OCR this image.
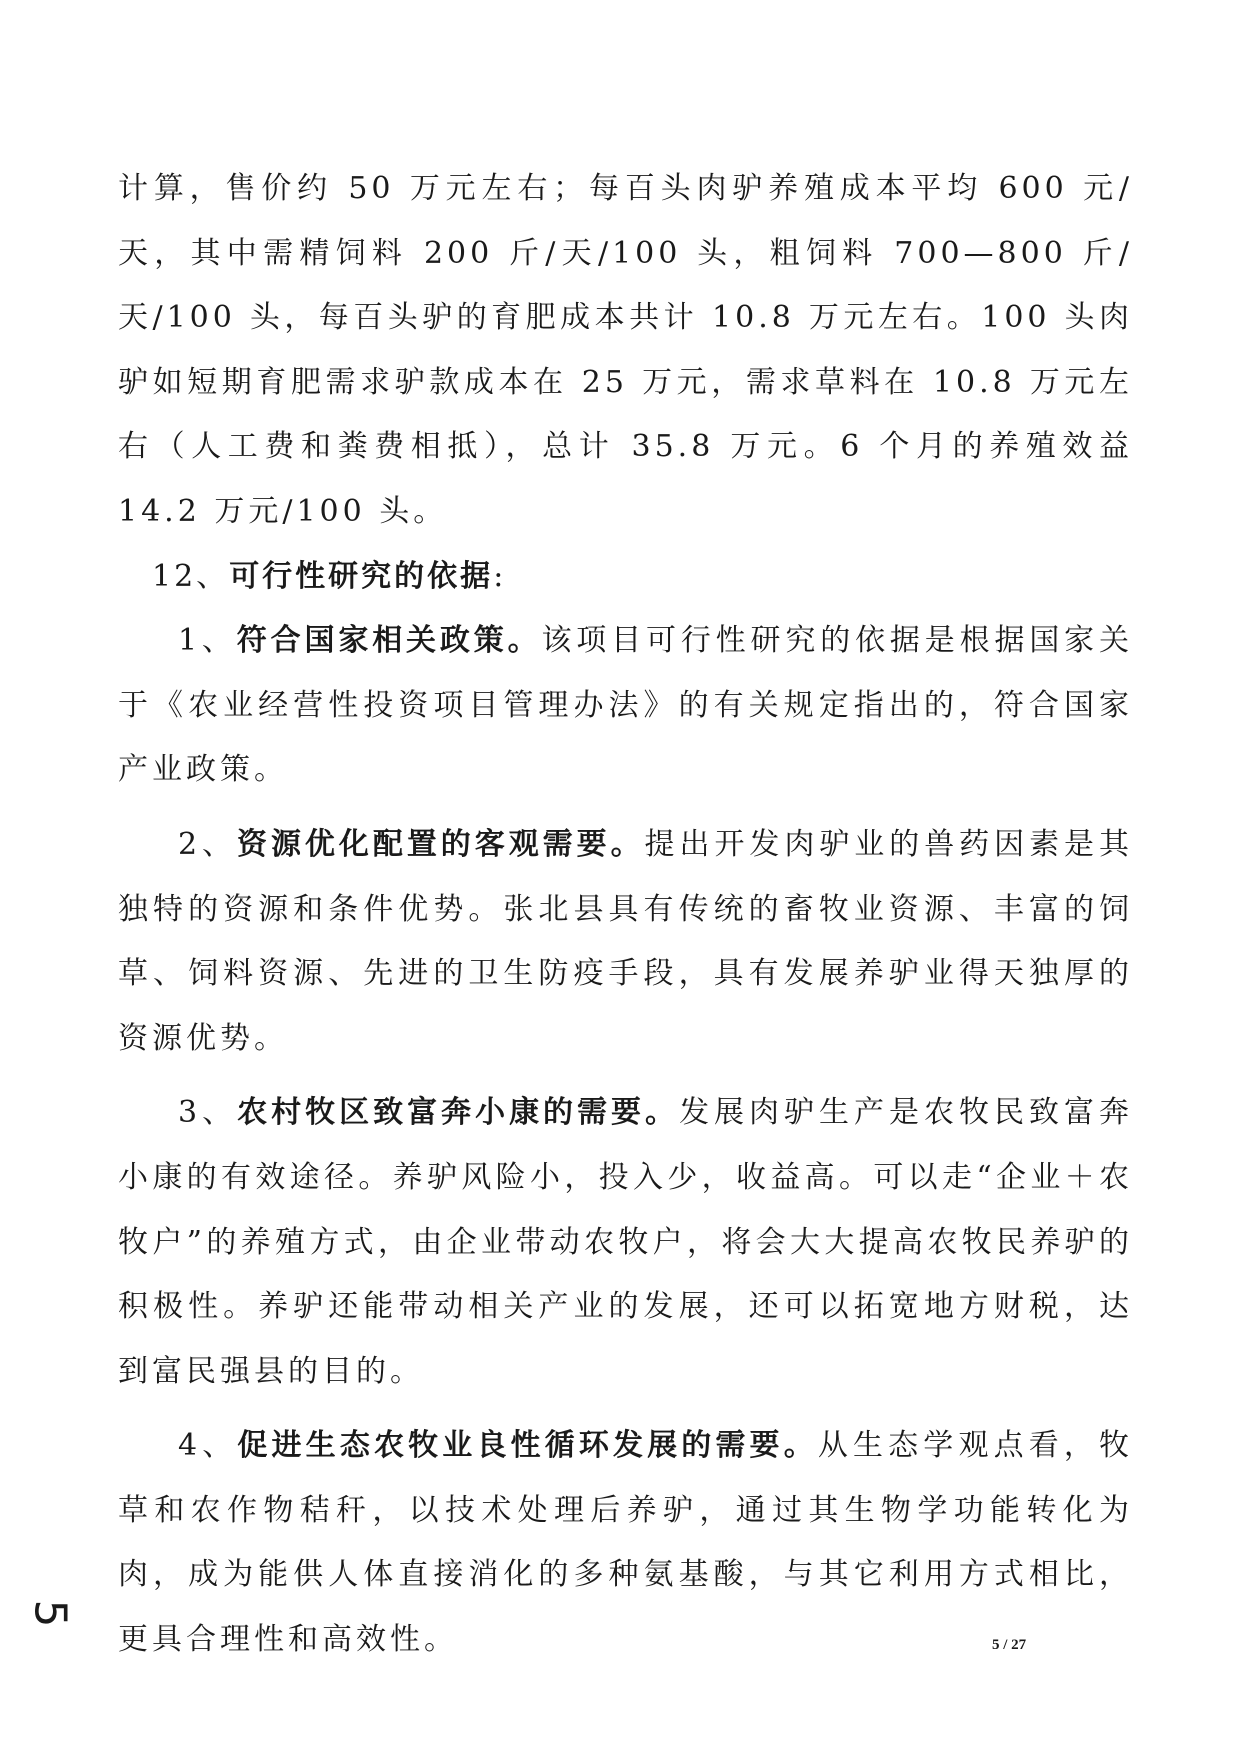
计算，售价约 50 万元左右；每百头肉驴养殖成本平均 600 元/天，其中需精饲料 200 斤/天/100 头，粗饲料 700—800 斤/天/100 头，每百头驴的育肥成本共计 10.8 万元左右。100 头肉驴如短期育肥需求驴款成本在 25 万元，需求草料在 10.8 万元左右（人工费和粪费相抵），总计 35.8 万元。6 个月的养殖效益 14.2 万元/100 头。

12、可行性研究的依据:

1、符合国家相关政策。该项目可行性研究的依据是根据国家关于《农业经营性投资项目管理办法》的有关规定指出的，符合国家产业政策。

2、资源优化配置的客观需要。提出开发肉驴业的兽药因素是其独特的资源和条件优势。张北县具有传统的畜牧业资源、丰富的饲草、饲料资源、先进的卫生防疫手段，具有发展养驴业得天独厚的资源优势。

3、农村牧区致富奔小康的需要。发展肉驴生产是农牧民致富奔小康的有效途径。养驴风险小，投入少，收益高。可以走“企业＋农牧户”的养殖方式，由企业带动农牧户，将会大大提高农牧民养驴的积极性。养驴还能带动相关产业的发展，还可以拓宽地方财税，达到富民强县的目的。

4、促进生态农牧业良性循环发展的需要。从生态学观点看，牧草和农作物秸秆，以技术处理后养驴，通过其生物学功能转化为肉，成为能供人体直接消化的多种氨基酸，与其它利用方式相比，更具合理性和高效性。

5
5 / 27
